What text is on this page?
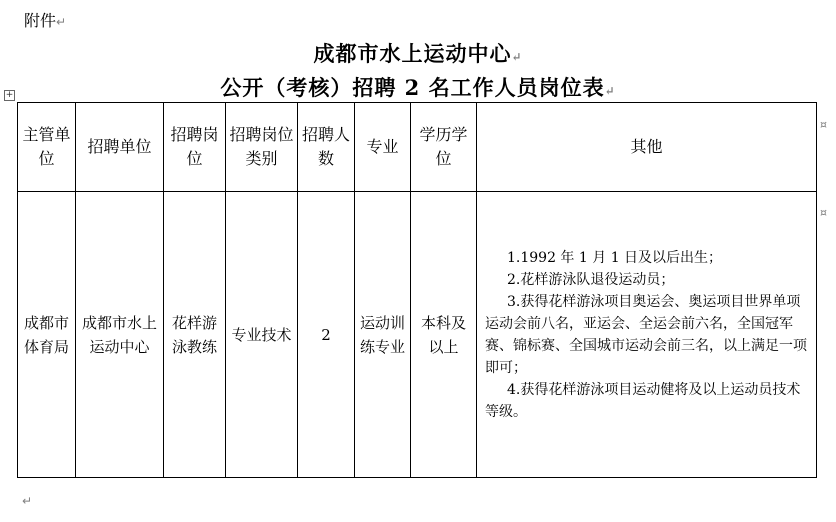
附件↵
成都市水上运动中心↵
公开（考核）招聘 2 名工作人员岗位表↵
+
主管单位	招聘单位	招聘岗位	招聘岗位类别	招聘人数	专业	学历学位	其他
成都市体育局	成都市水上运动中心	花样游泳教练	专业技术	2	运动训练专业	本科及以上	1.1992 年 1 月 1 日及以后出生；

2.花样游泳队退役运动员；

3.获得花样游泳项目奥运会、奥运项目世界单项运动会前八名，亚运会、全运会前六名，全国冠军赛、锦标赛、全国城市运动会前三名，以上满足一项即可；

4.获得花样游泳项目运动健将及以上运动员技术等级。

¤
¤
↵
